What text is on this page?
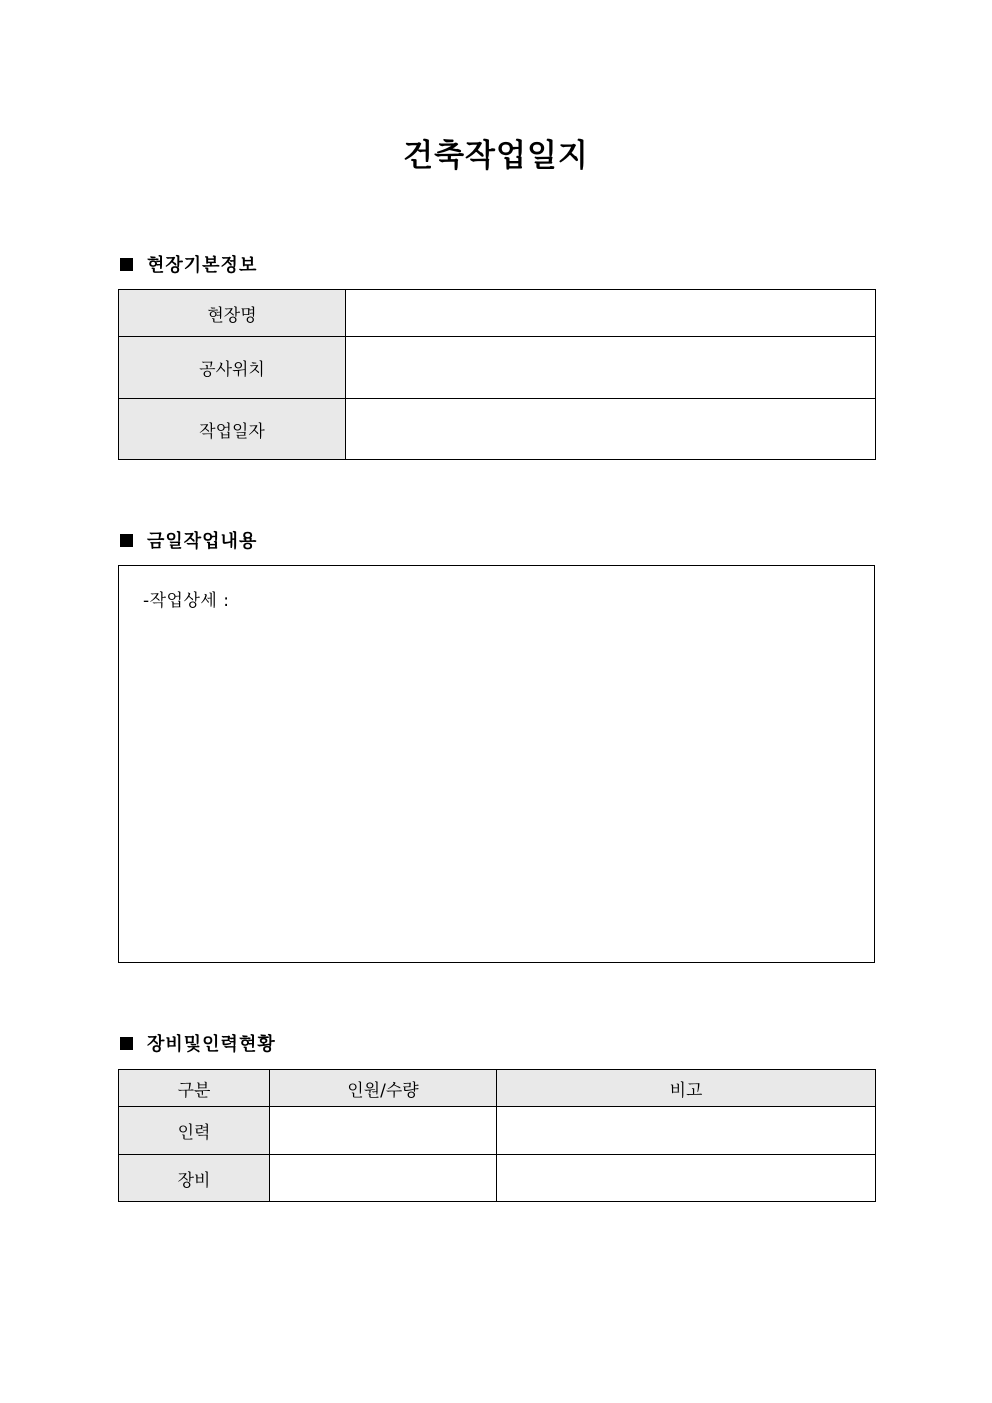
건축작업일지
현장기본정보
현장명	
공사위치	
작업일자	
금일작업내용
-작업상세 :
장비및인력현황
구분	인원/수량	비고
인력		
장비		
